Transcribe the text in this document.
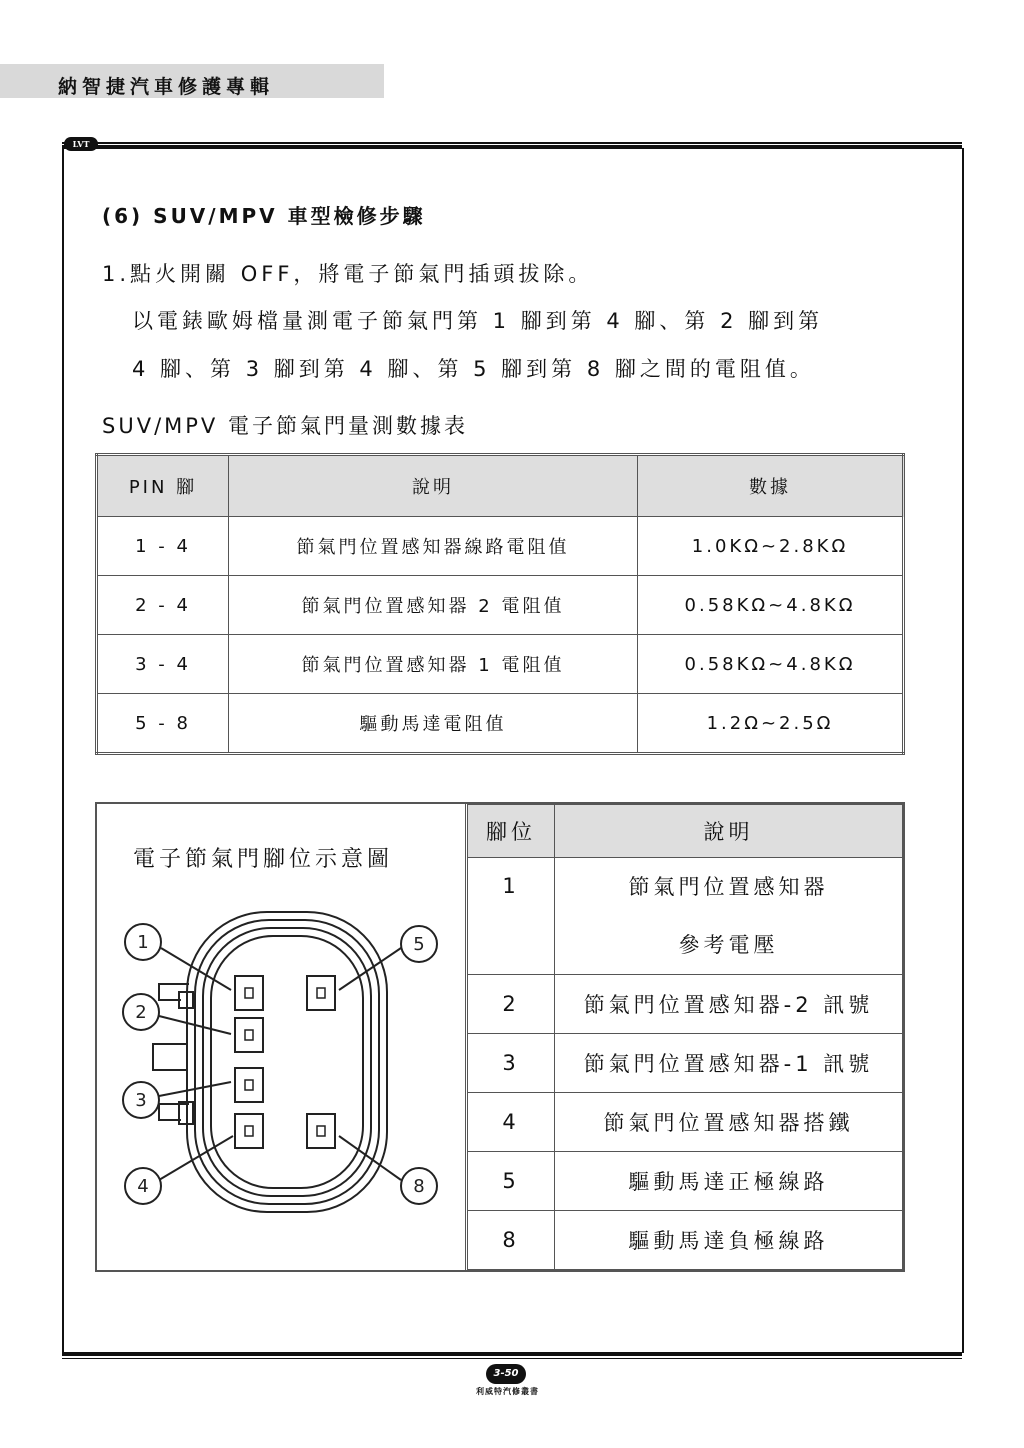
納智捷汽車修護專輯
LVT
(6) SUV/MPV 車型檢修步驟
1.點火開關 OFF，將電子節氣門插頭拔除。
以電錶歐姆檔量測電子節氣門第 1 腳到第 4 腳、第 2 腳到第
4 腳、第 3 腳到第 4 腳、第 5 腳到第 8 腳之間的電阻值。
SUV/MPV 電子節氣門量測數據表
PIN 腳	說明	數據
1 - 4	節氣門位置感知器線路電阻值	1.0KΩ~2.8KΩ
2 - 4	節氣門位置感知器 2 電阻值	0.58KΩ~4.8KΩ
3 - 4	節氣門位置感知器 1 電阻值	0.58KΩ~4.8KΩ
5 - 8	驅動馬達電阻值	1.2Ω~2.5Ω
電子節氣門腳位示意圖
1
2
3
4
5
8
腳位	說明
1	節氣門位置感知器
參考電壓

2	節氣門位置感知器-2 訊號
3	節氣門位置感知器-1 訊號
4	節氣門位置感知器搭鐵
5	驅動馬達正極線路
8	驅動馬達負極線路
3-50
利威特汽修叢書
